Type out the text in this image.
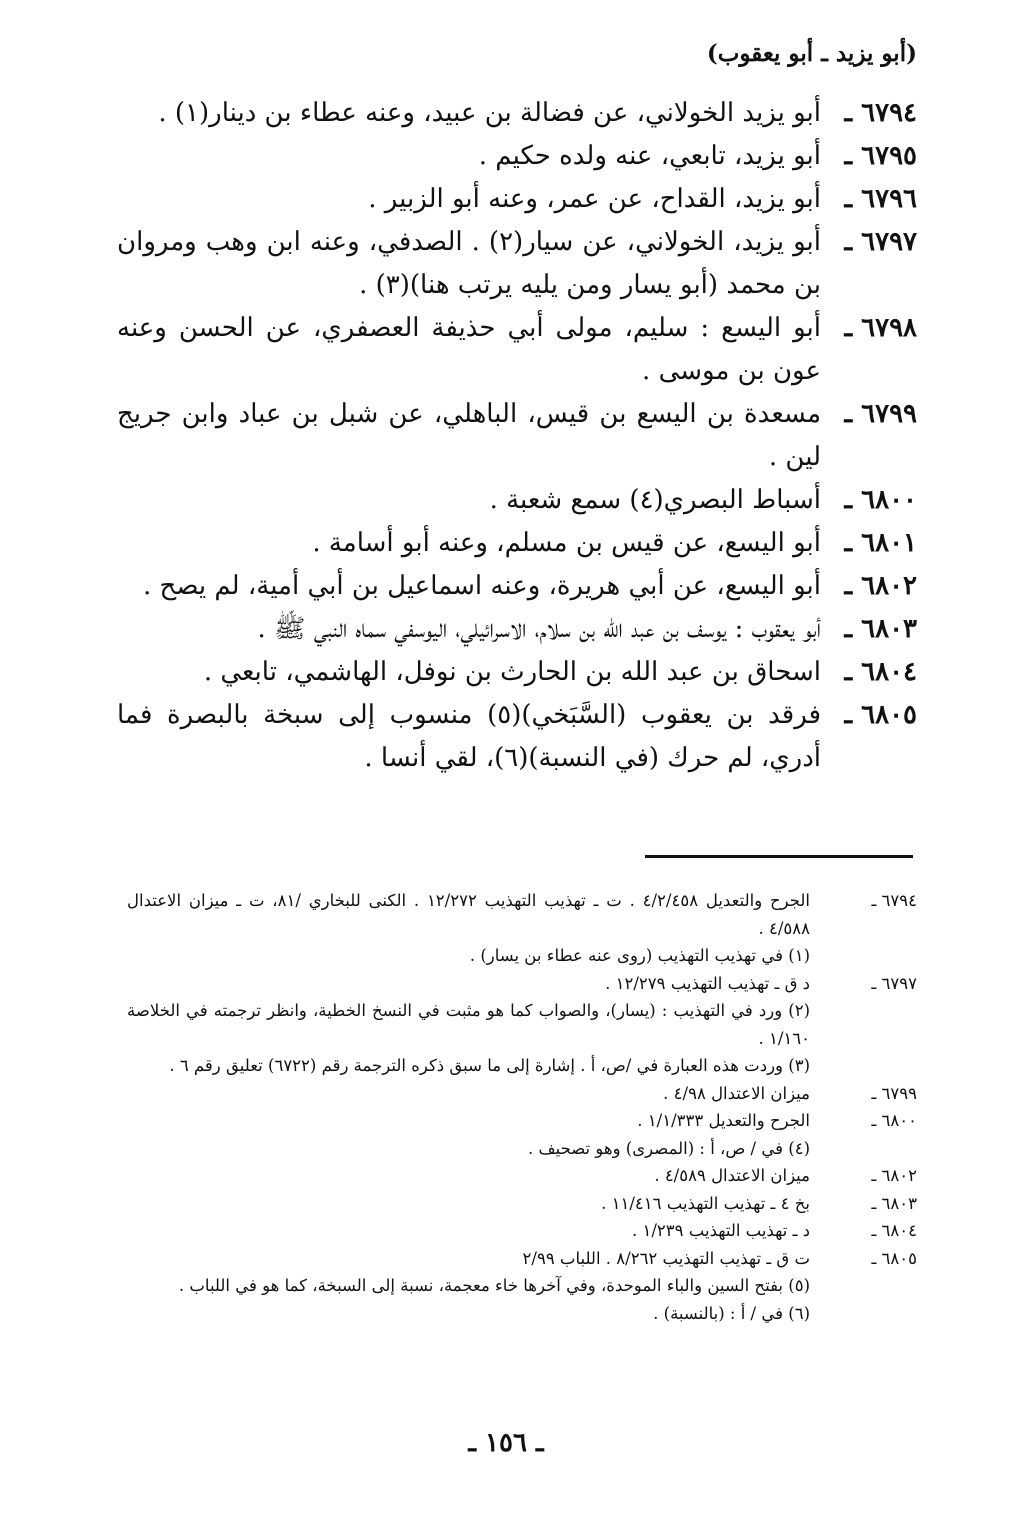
(أبو يزيد ـ أبو يعقوب)
٦٧٩٤ ـ
أبو يزيد الخولاني، عن فضالة بن عبيد، وعنه عطاء بن دينار(١) .
٦٧٩٥ ـ
أبو يزيد، تابعي، عنه ولده حكيم .
٦٧٩٦ ـ
أبو يزيد، القداح، عن عمر، وعنه أبو الزبير .
٦٧٩٧ ـ
أبو يزيد، الخولاني، عن سيار(٢) . الصدفي، وعنه ابن وهب ومروان بن محمد (أبو يسار ومن يليه يرتب هنا)(٣) .
٦٧٩٨ ـ
أبو اليسع : سليم، مولى أبي حذيفة العصفري، عن الحسن وعنه عون بن موسى .
٦٧٩٩ ـ
مسعدة بن اليسع بن قيس، الباهلي، عن شبل بن عباد وابن جريج لين .
٦٨٠٠ ـ
أسباط البصري(٤) سمع شعبة .
٦٨٠١ ـ
أبو اليسع، عن قيس بن مسلم، وعنه أبو أسامة .
٦٨٠٢ ـ
أبو اليسع، عن أبي هريرة، وعنه اسماعيل بن أبي أمية، لم يصح .
٦٨٠٣ ـ
أبو يعقوب : يوسف بن عبد الله بن سلام، الاسرائيلي، اليوسفي سماه النبي ﷺ .
٦٨٠٤ ـ
اسحاق بن عبد الله بن الحارث بن نوفل، الهاشمي، تابعي .
٦٨٠٥ ـ
فرقد بن يعقوب (السَّبَخي)(٥) منسوب إلى سبخة بالبصرة فما أدري، لم حرك (في النسبة)(٦)، لقي أنسا .
٦٧٩٤ ـ
الجرح والتعديل ٤/٢/٤٥٨ . ت ـ تهذيب التهذيب ١٢/٢٧٢ . الكنى للبخاري /٨١، ت ـ ميزان الاعتدال ٤/٥٨٨ .
(١) في تهذيب التهذيب (روى عنه عطاء بن يسار) .
٦٧٩٧ ـ
د ق ـ تهذيب التهذيب ١٢/٢٧٩ .
(٢) ورد في التهذيب : (يسار)، والصواب كما هو مثبت في النسخ الخطية، وانظر ترجمته في الخلاصة ١/١٦٠ .
(٣) وردت هذه العبارة في /ص، أ . إشارة إلى ما سبق ذكره الترجمة رقم (٦٧٢٢) تعليق رقم ٦ .
٦٧٩٩ ـ
ميزان الاعتدال ٤/٩٨ .
٦٨٠٠ ـ
الجرح والتعديل ١/١/٣٣٣ .
(٤) في / ص، أ : (المصرى) وهو تصحيف .
٦٨٠٢ ـ
ميزان الاعتدال ٤/٥٨٩ .
٦٨٠٣ ـ
بخ ٤ ـ تهذيب التهذيب ١١/٤١٦ .
٦٨٠٤ ـ
د ـ تهذيب التهذيب ١/٢٣٩ .
٦٨٠٥ ـ
ت ق ـ تهذيب التهذيب ٨/٢٦٢ . اللباب ٢/٩٩
(٥) بفتح السين والباء الموحدة، وفي آخرها خاء معجمة، نسبة إلى السبخة، كما هو في اللباب .
(٦) في / أ : (بالنسبة) .
ـ ١٥٦ ـ
